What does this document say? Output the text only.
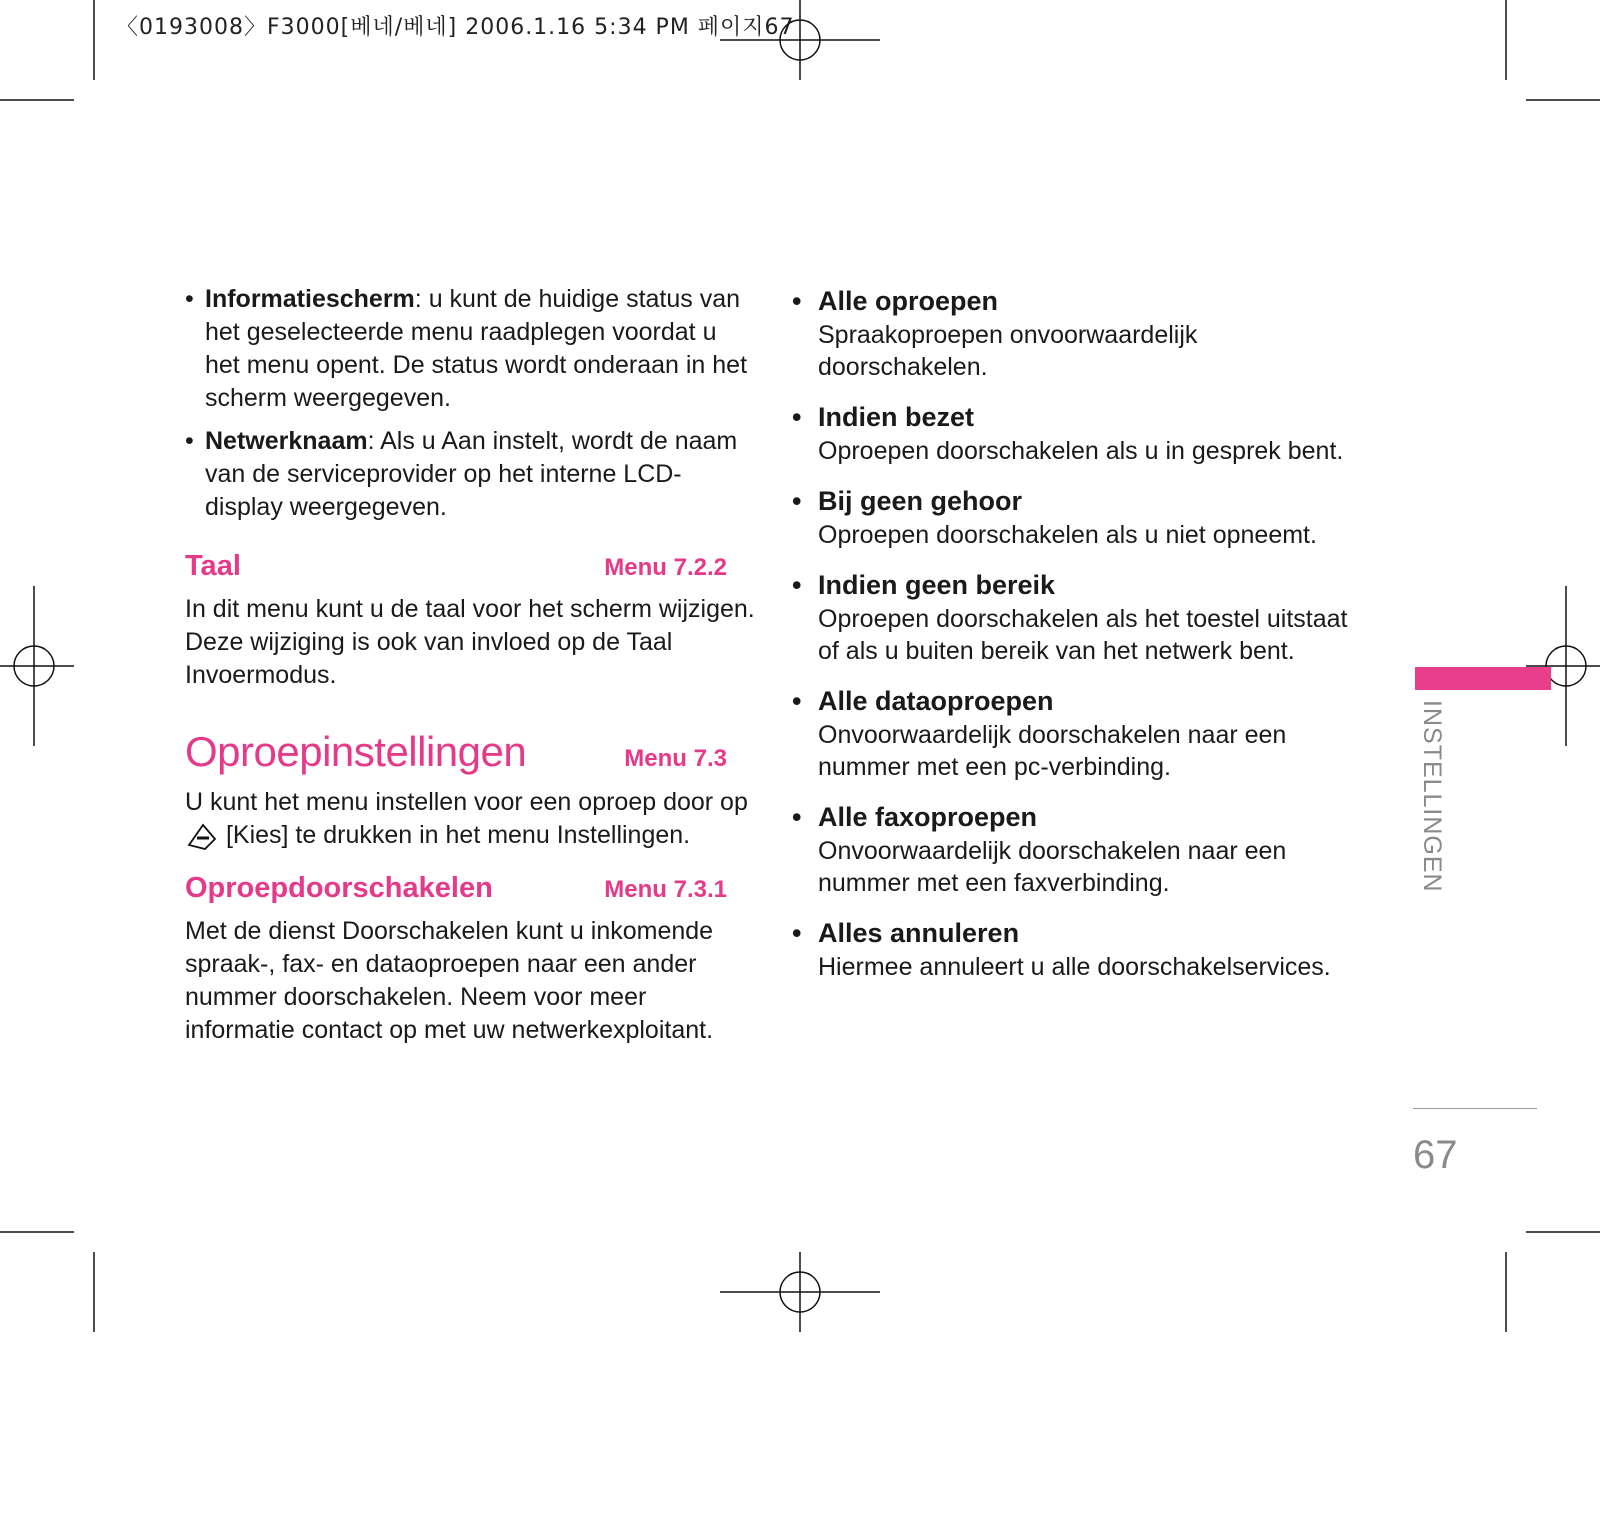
〈0193008〉F3000[베네/베네] 2006.1.16 5:34 PM 페이지67
• Informatiescherm: u kunt de huidige status van het geselecteerde menu raadplegen voordat u het menu opent. De status wordt onderaan in het scherm weergegeven.
• Netwerknaam: Als u Aan instelt, wordt de naam van de serviceprovider op het interne LCD-display weergegeven.
Taal	Menu 7.2.2
In dit menu kunt u de taal voor het scherm wijzigen. Deze wijziging is ook van invloed op de Taal Invoermodus.
Oproepinstellingen	Menu 7.3
U kunt het menu instellen voor een oproep door op  [Kies] te drukken in het menu Instellingen.
Oproepdoorschakelen	Menu 7.3.1
Met de dienst Doorschakelen kunt u inkomende spraak-, fax- en dataoproepen naar een ander nummer doorschakelen. Neem voor meer informatie contact op met uw netwerkexploitant.
• Alle oproepen
Spraakoproepen onvoorwaardelijk doorschakelen.
• Indien bezet
Oproepen doorschakelen als u in gesprek bent.
• Bij geen gehoor
Oproepen doorschakelen als u niet opneemt.
• Indien geen bereik
Oproepen doorschakelen als het toestel uitstaat of als u buiten bereik van het netwerk bent.
• Alle dataoproepen
Onvoorwaardelijk doorschakelen naar een nummer met een pc-verbinding.
• Alle faxoproepen
Onvoorwaardelijk doorschakelen naar een nummer met een faxverbinding.
• Alles annuleren
Hiermee annuleert u alle doorschakelservices.
INSTELLINGEN
67
